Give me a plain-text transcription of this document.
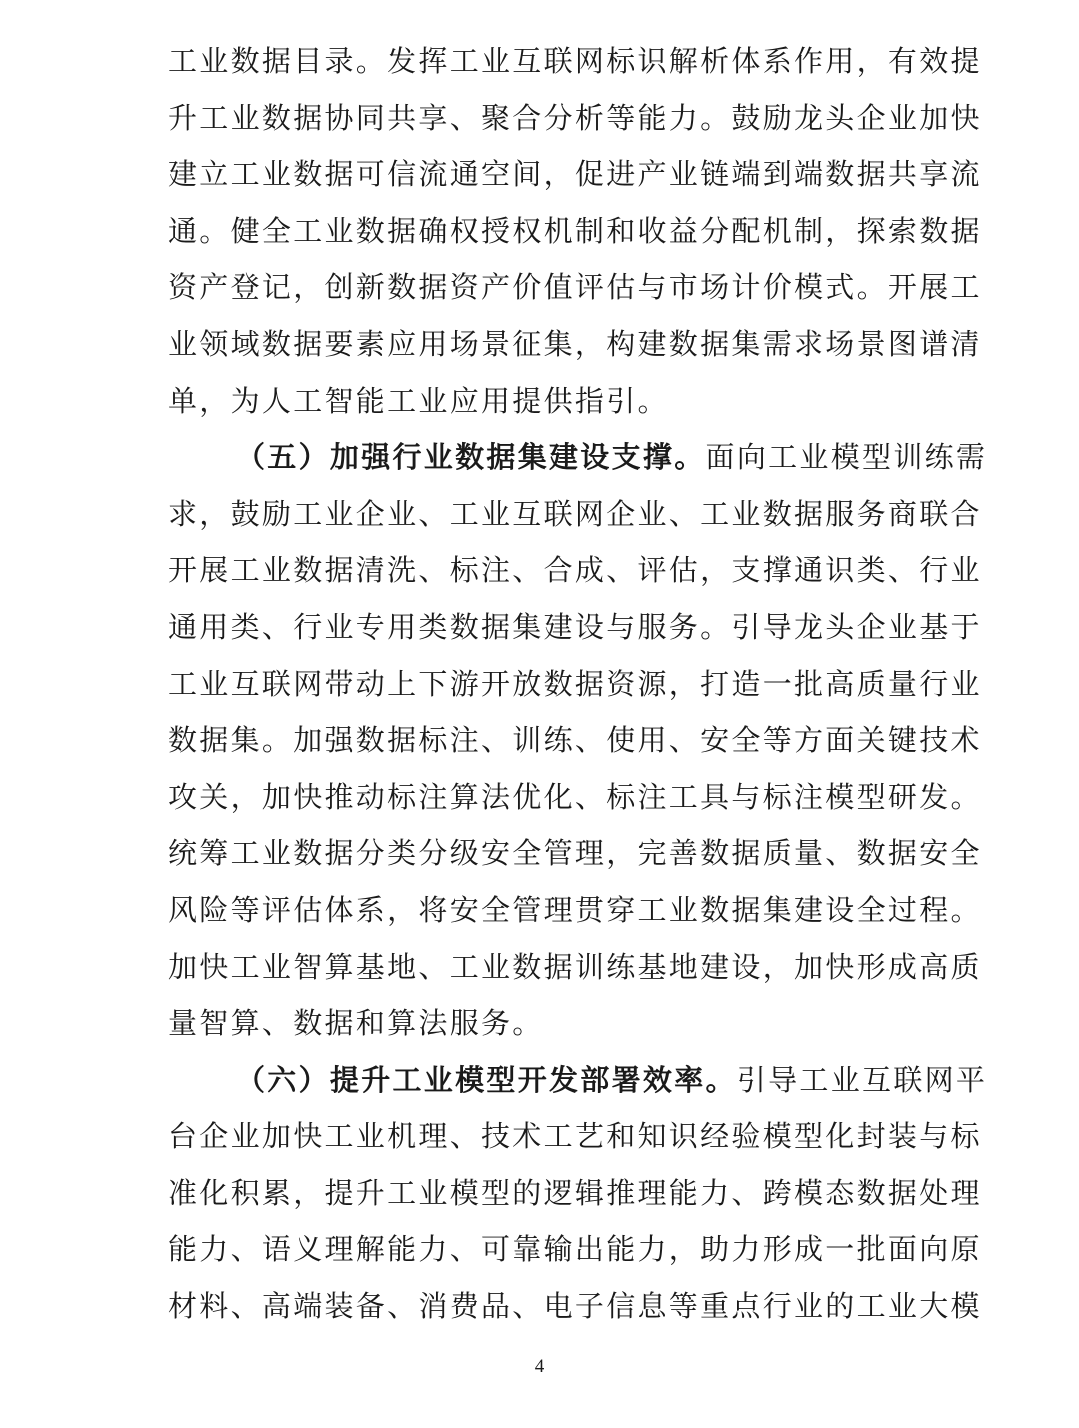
工业数据目录。发挥工业互联网标识解析体系作用，有效提
升工业数据协同共享、聚合分析等能力。鼓励龙头企业加快
建立工业数据可信流通空间，促进产业链端到端数据共享流
通。健全工业数据确权授权机制和收益分配机制，探索数据
资产登记，创新数据资产价值评估与市场计价模式。开展工
业领域数据要素应用场景征集，构建数据集需求场景图谱清
单，为人工智能工业应用提供指引。
（五）加强行业数据集建设支撑。面向工业模型训练需
求，鼓励工业企业、工业互联网企业、工业数据服务商联合
开展工业数据清洗、标注、合成、评估，支撑通识类、行业
通用类、行业专用类数据集建设与服务。引导龙头企业基于
工业互联网带动上下游开放数据资源，打造一批高质量行业
数据集。加强数据标注、训练、使用、安全等方面关键技术
攻关，加快推动标注算法优化、标注工具与标注模型研发。
统筹工业数据分类分级安全管理，完善数据质量、数据安全
风险等评估体系，将安全管理贯穿工业数据集建设全过程。
加快工业智算基地、工业数据训练基地建设，加快形成高质
量智算、数据和算法服务。
（六）提升工业模型开发部署效率。引导工业互联网平
台企业加快工业机理、技术工艺和知识经验模型化封装与标
准化积累，提升工业模型的逻辑推理能力、跨模态数据处理
能力、语义理解能力、可靠输出能力，助力形成一批面向原
材料、高端装备、消费品、电子信息等重点行业的工业大模
4
